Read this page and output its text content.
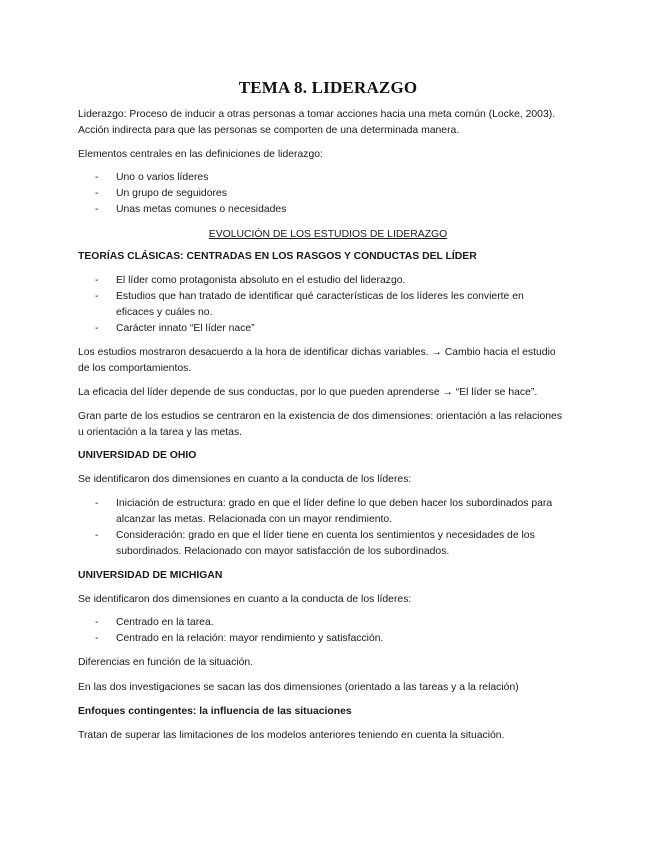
TEMA 8. LIDERAZGO
Liderazgo: Proceso de inducir a otras personas a tomar acciones hacia una meta común (Locke, 2003).
Acción indirecta para que las personas se comporten de una determinada manera.
Elementos centrales en las definiciones de liderazgo:
- Uno o varios líderes
- Un grupo de seguidores
- Unas metas comunes o necesidades
EVOLUCIÓN DE LOS ESTUDIOS DE LIDERAZGO
TEORÍAS CLÁSICAS: CENTRADAS EN LOS RASGOS Y CONDUCTAS DEL LÍDER
- El líder como protagonista absoluto en el estudio del liderazgo.
- Estudios que han tratado de identificar qué características de los líderes les convierte en
eficaces y cuáles no.
- Carácter innato “El líder nace”
Los estudios mostraron desacuerdo a la hora de identificar dichas variables. → Cambio hacia el estudio
de los comportamientos.
La eficacia del líder depende de sus conductas, por lo que pueden aprenderse → “El líder se hace”.
Gran parte de los estudios se centraron en la existencia de dos dimensiones: orientación a las relaciones
u orientación a la tarea y las metas.
UNIVERSIDAD DE OHIO
Se identificaron dos dimensiones en cuanto a la conducta de los líderes:
- Iniciación de estructura: grado en que el líder define lo que deben hacer los subordinados para
alcanzar las metas. Relacionada con un mayor rendimiento.
- Consideración: grado en que el líder tiene en cuenta los sentimientos y necesidades de los
subordinados. Relacionado con mayor satisfacción de los subordinados.
UNIVERSIDAD DE MICHIGAN
Se identificaron dos dimensiones en cuanto a la conducta de los líderes:
- Centrado en la tarea.
- Centrado en la relación: mayor rendimiento y satisfacción.
Diferencias en función de la situación.
En las dos investigaciones se sacan las dos dimensiones (orientado a las tareas y a la relación)
Enfoques contingentes: la influencia de las situaciones
Tratan de superar las limitaciones de los modelos anteriores teniendo en cuenta la situación.
